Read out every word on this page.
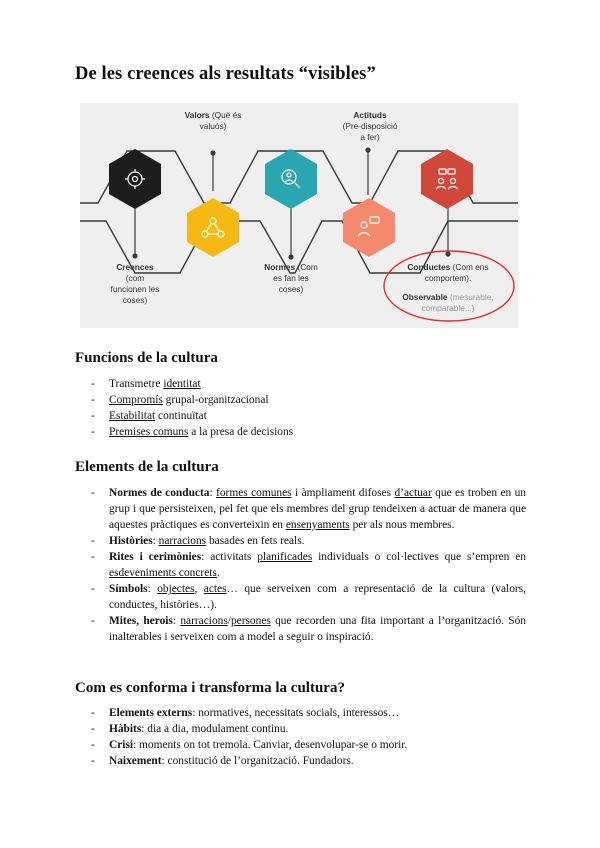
De les creences als resultats “visibles”
Valors (Què és
valuós)
Actituds
(Pre-disposició
a fer)
Creences
(com
funcionen les
coses)
Normes (Com
es fan les
coses)
Conductes (Com ens
comportem).
Observable (mesurable,
comparable...)
Funcions de la cultura
- Transmetre identitat
- Compromís grupal-organitzacional
- Estabilitat continuïtat
- Premises comuns a la presa de decisions
Elements de la cultura
- Normes de conducta: formes comunes i àmpliament difoses d’actuar que es troben en un grup i que persisteixen, pel fet que els membres del grup tendeixen a actuar de manera que aquestes pràctiques es converteixin en ensenyaments per als nous membres.
- Històries: narracions basades en fets reals.
- Rites i cerimònies: activitats planificades individuals o col·lectives que s’empren en esdeveniments concrets.
- Símbols: objectes, actes… que serveixen com a representació de la cultura (valors, conductes, històries…).
- Mites, herois: narracions/persones que recorden una fita important a l’organització. Són inalterables i serveixen com a model a seguir o inspiració.
Com es conforma i transforma la cultura?
- Elements externs: normatives, necessitats socials, interessos…
- Hàbits: dia a dia, modulament continu.
- Crisi: moments on tot tremola. Canviar, desenvolupar-se o morir.
- Naixement: constitució de l’organització. Fundadors.
